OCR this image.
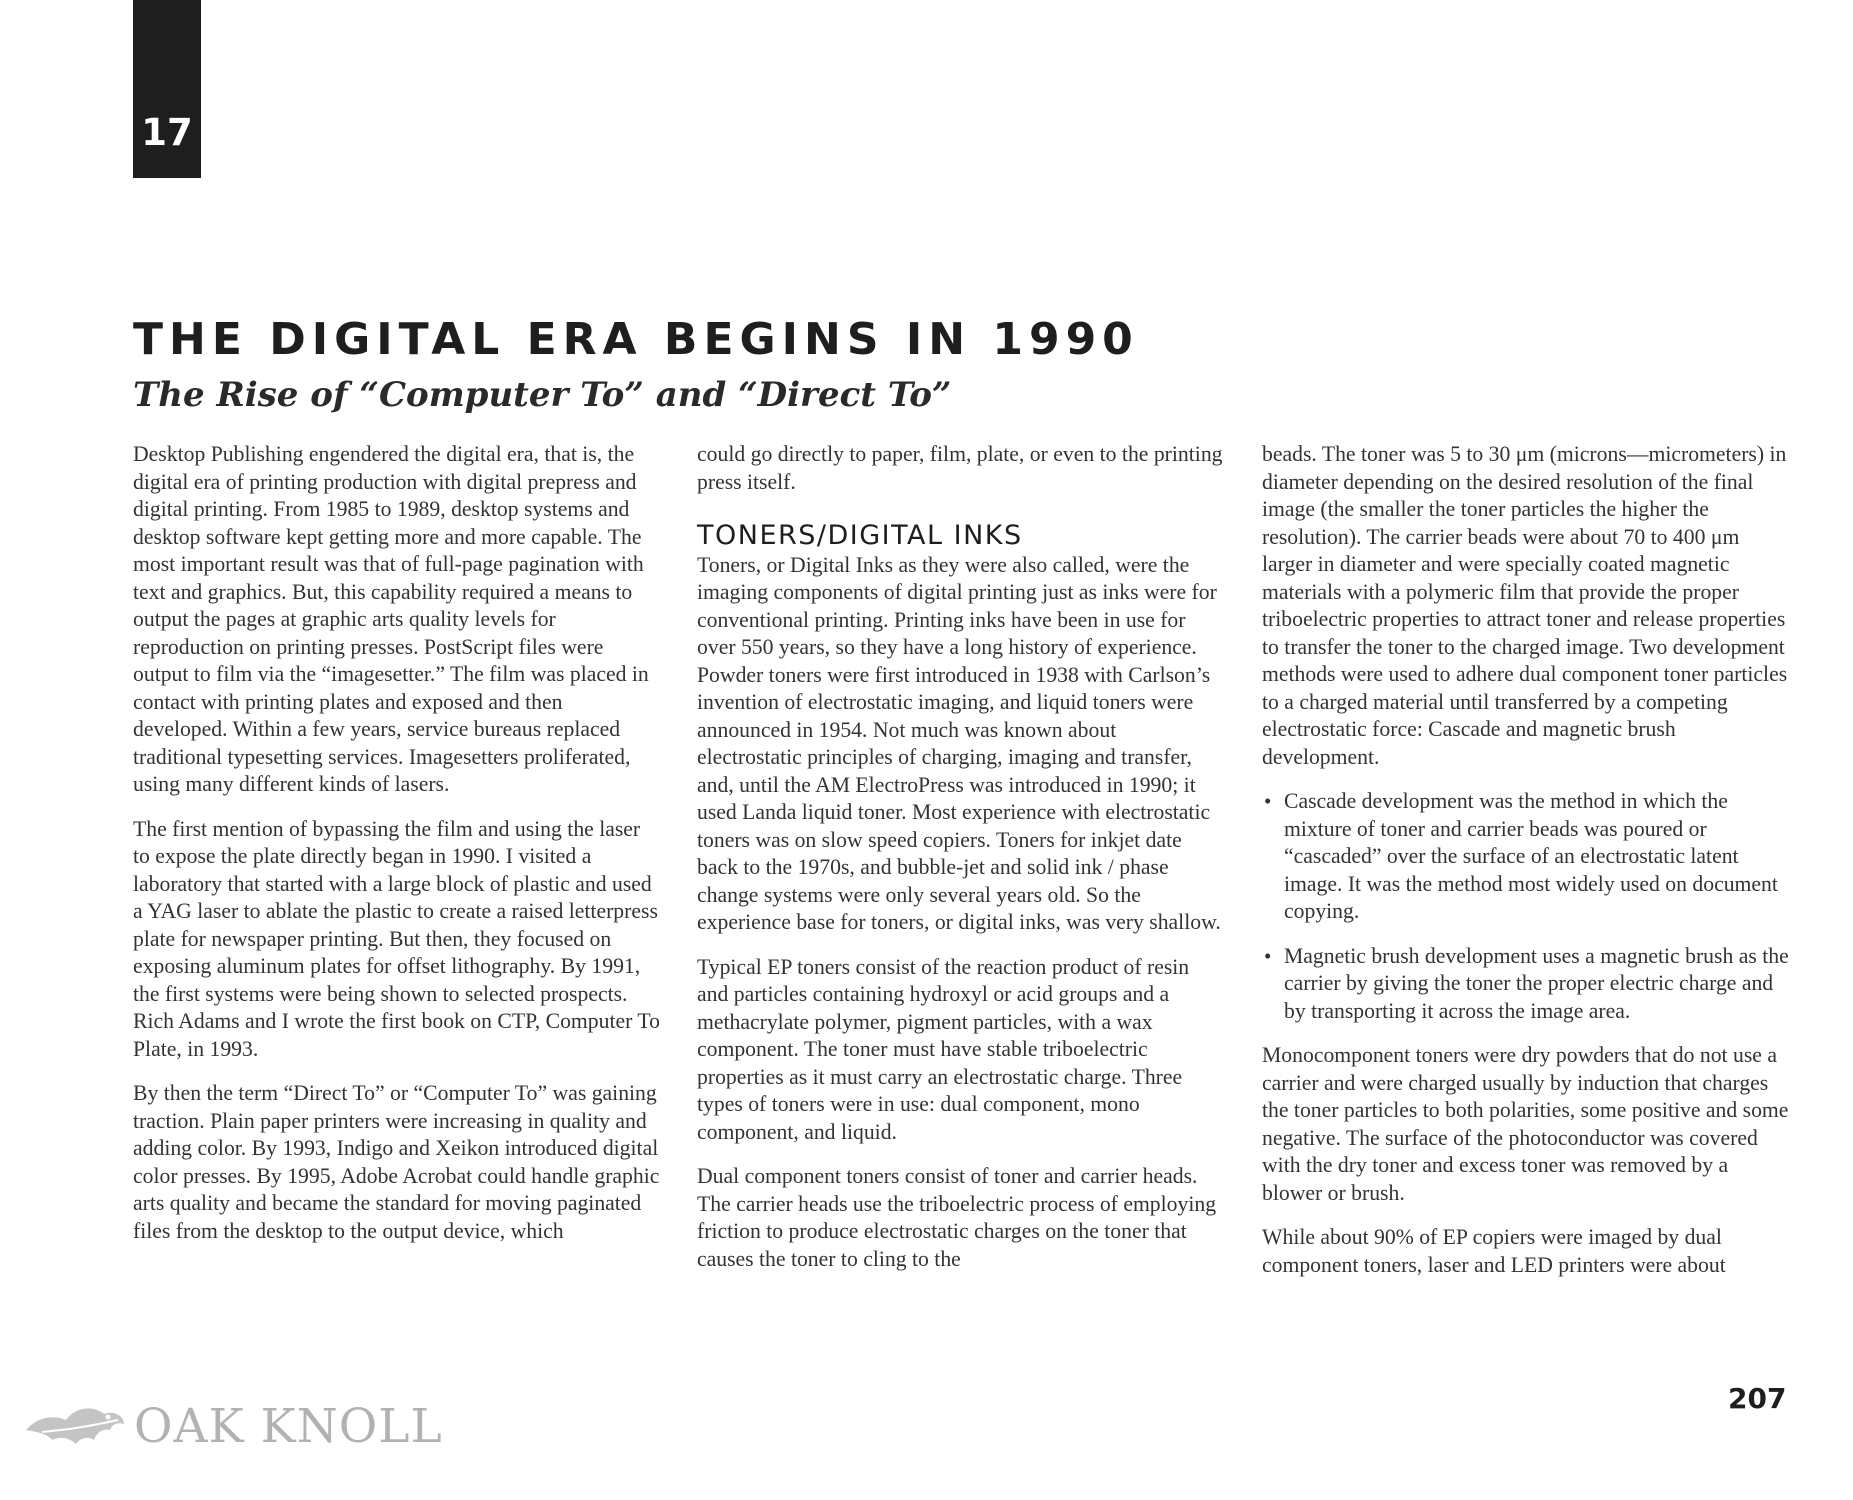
17
THE DIGITAL ERA BEGINS IN 1990
The Rise of “Computer To” and “Direct To”

Desktop Publishing engendered the digital era, that is, the digital era of printing production with digital prepress and digital printing. From 1985 to 1989, desktop systems and desktop software kept getting more and more capable. The most important result was that of full-page pagination with text and graphics. But, this capability required a means to output the pages at graphic arts quality levels for reproduction on printing presses. PostScript files were output to film via the “imagesetter.” The film was placed in contact with printing plates and exposed and then developed. Within a few years, service bureaus replaced traditional typesetting services. Imagesetters proliferated, using many different kinds of lasers.

The first mention of bypassing the film and using the laser to expose the plate directly began in 1990. I visited a laboratory that started with a large block of plastic and used a YAG laser to ablate the plastic to create a raised letterpress plate for newspaper printing. But then, they focused on exposing aluminum plates for offset lithography. By 1991, the first systems were being shown to selected prospects. Rich Adams and I wrote the first book on CTP, Computer To Plate, in 1993.

By then the term “Direct To” or “Computer To” was gaining traction. Plain paper printers were increasing in quality and adding color. By 1993, Indigo and Xeikon introduced digital color presses. By 1995, Adobe Acrobat could handle graphic arts quality and became the standard for moving paginated files from the desktop to the output device, which

could go directly to paper, film, plate, or even to the printing press itself.

TONERS/DIGITAL INKS

Toners, or Digital Inks as they were also called, were the imaging components of digital printing just as inks were for conventional printing. Printing inks have been in use for over 550 years, so they have a long history of experience. Powder toners were first introduced in 1938 with Carlson’s invention of electrostatic imaging, and liquid toners were announced in 1954. Not much was known about electrostatic principles of charging, imaging and transfer, and, until the AM ElectroPress was introduced in 1990; it used Landa liquid toner. Most experience with electrostatic toners was on slow speed copiers. Toners for inkjet date back to the 1970s, and bubble-jet and solid ink / phase change systems were only several years old. So the experience base for toners, or digital inks, was very shallow.

Typical EP toners consist of the reaction product of resin and particles containing hydroxyl or acid groups and a methacrylate polymer, pigment particles, with a wax component. The toner must have stable triboelectric properties as it must carry an electrostatic charge. Three types of toners were in use: dual component, mono component, and liquid.

Dual component toners consist of toner and carrier heads. The carrier heads use the triboelectric process of employing friction to produce electrostatic charges on the toner that causes the toner to cling to the

beads. The toner was 5 to 30 μm (microns—micrometers) in diameter depending on the desired resolution of the final image (the smaller the toner particles the higher the resolution). The carrier beads were about 70 to 400 μm larger in diameter and were specially coated magnetic materials with a polymeric film that provide the proper triboelectric properties to attract toner and release properties to transfer the toner to the charged image. Two development methods were used to adhere dual component toner particles to a charged material until transferred by a competing electrostatic force: Cascade and magnetic brush development.

• Cascade development was the method in which the mixture of toner and carrier beads was poured or “cascaded” over the surface of an electrostatic latent image. It was the method most widely used on document copying.
• Magnetic brush development uses a magnetic brush as the carrier by giving the toner the proper electric charge and by transporting it across the image area.

Monocomponent toners were dry powders that do not use a carrier and were charged usually by induction that charges the toner particles to both polarities, some positive and some negative. The surface of the photoconductor was covered with the dry toner and excess toner was removed by a blower or brush.

While about 90% of EP copiers were imaged by dual component toners, laser and LED printers were about

OAK KNOLL	207
